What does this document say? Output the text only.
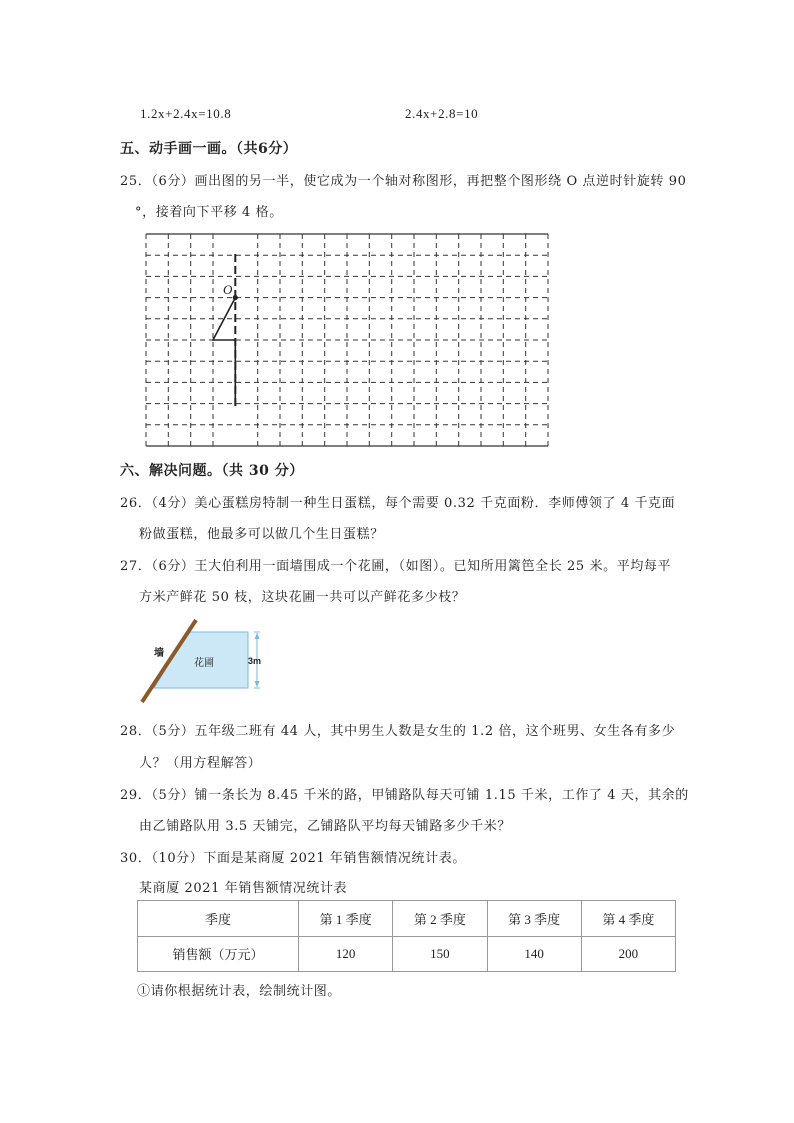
1.2x+2.4x=10.8	2.4x+2.8=10
五、动手画一画。（共6分）
25．（6分）画出图的另一半，使它成为一个轴对称图形，再把整个图形绕 O 点逆时针旋转 90
°，接着向下平移 4 格。
O
六、解决问题。（共 30 分）
26．（4分）美心蛋糕房特制一种生日蛋糕，每个需要 0.32 千克面粉．李师傅领了 4 千克面
粉做蛋糕，他最多可以做几个生日蛋糕？
27．（6分）王大伯利用一面墙围成一个花圃，（如图）。已知所用篱笆全长 25 米。平均每平
方米产鲜花 50 枝，这块花圃一共可以产鲜花多少枝？
墙
花圃	3m
28．（5分）五年级二班有 44 人，其中男生人数是女生的 1.2 倍，这个班男、女生各有多少
人？（用方程解答）
29．（5分）铺一条长为 8.45 千米的路，甲铺路队每天可铺 1.15 千米，工作了 4 天，其余的
由乙铺路队用 3.5 天铺完，乙铺路队平均每天铺路多少千米？
30．（10分）下面是某商厦 2021 年销售额情况统计表。
某商厦 2021 年销售额情况统计表
季度	第 1 季度	第 2 季度	第 3 季度	第 4 季度
销售额（万元）	120	150	140	200
①请你根据统计表，绘制统计图。
